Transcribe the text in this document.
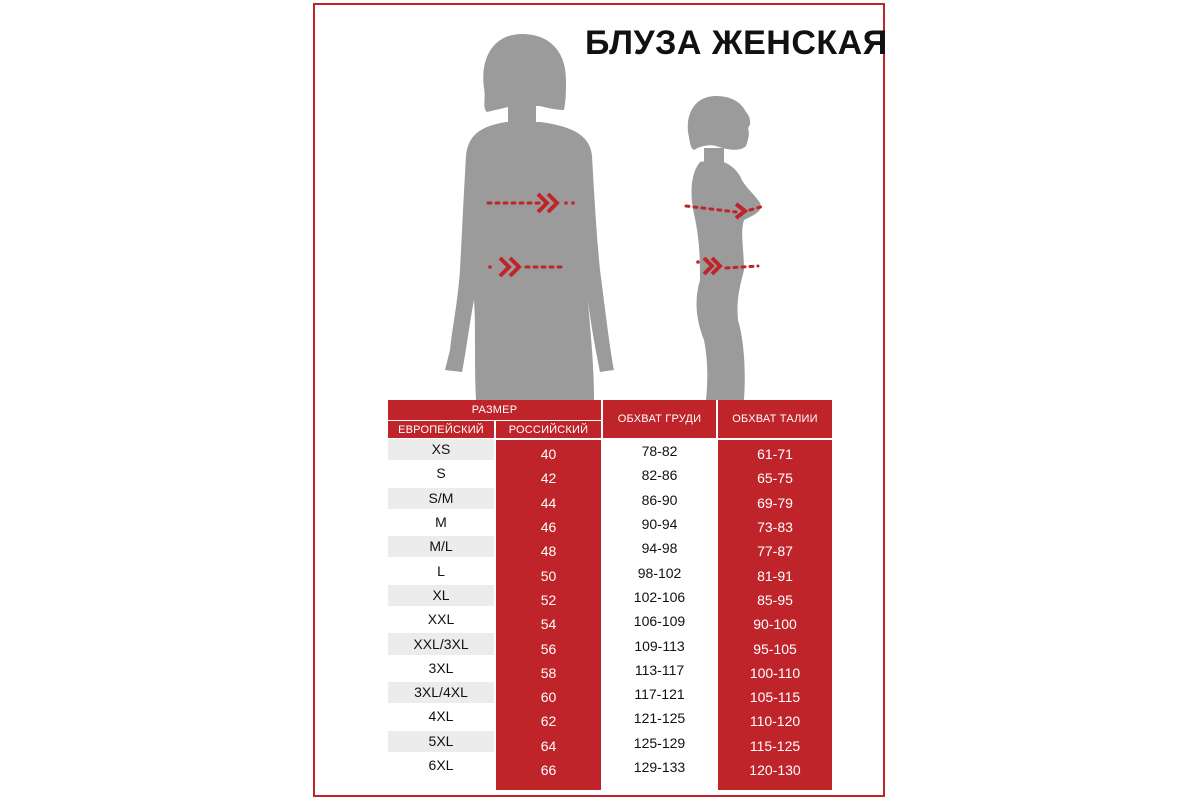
БЛУЗА ЖЕНСКАЯ
РАЗМЕР
ЕВРОПЕЙСКИЙ	РОССИЙСКИЙ
ОБХВАТ ГРУДИ	ОБХВАТ ТАЛИИ
XS	40	78-82	61-71
S	42	82-86	65-75
S/M	44	86-90	69-79
M	46	90-94	73-83
M/L	48	94-98	77-87
L	50	98-102	81-91
XL	52	102-106	85-95
XXL	54	106-109	90-100
XXL/3XL	56	109-113	95-105
3XL	58	113-117	100-110
3XL/4XL	60	117-121	105-115
4XL	62	121-125	110-120
5XL	64	125-129	115-125
6XL	66	129-133	120-130
